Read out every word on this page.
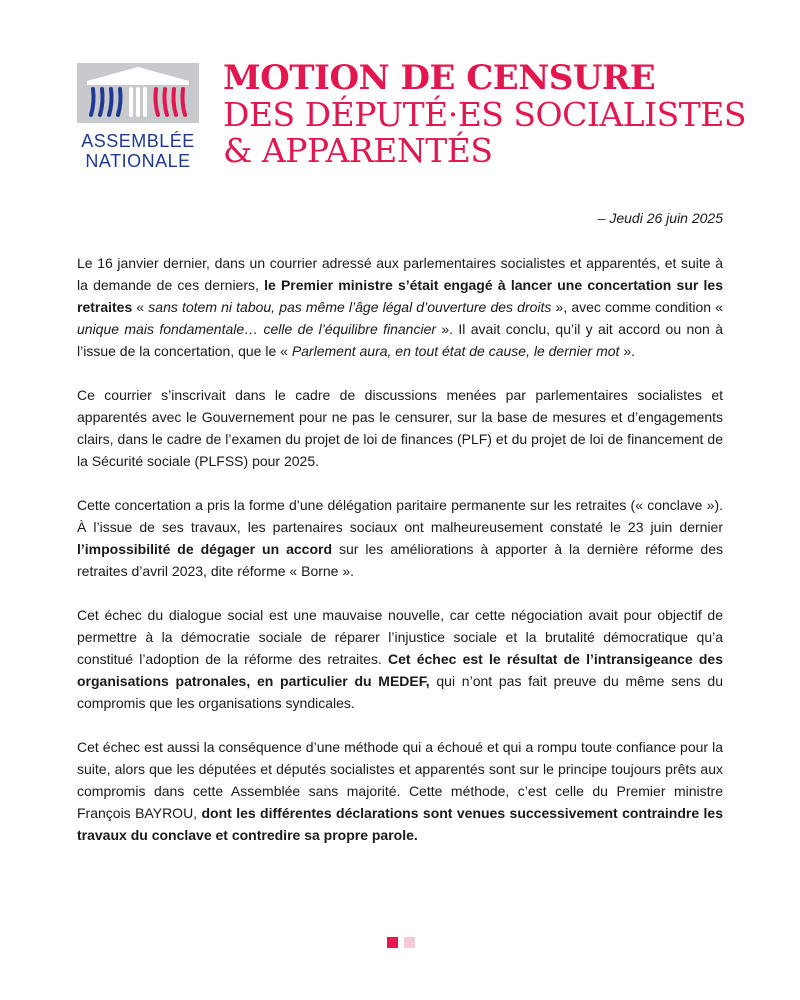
ASSEMBLÉE
NATIONALE
MOTION DE CENSURE
DES DÉPUTÉ·ES SOCIALISTES
& APPARENTÉS
– Jeudi 26 juin 2025

Le 16 janvier dernier, dans un courrier adressé aux parlementaires socialistes et apparentés, et suite à la demande de ces derniers, le Premier ministre s’était engagé à lancer une concertation sur les retraites « sans totem ni tabou, pas même l’âge légal d’ouverture des droits », avec comme condition « unique mais fondamentale… celle de l’équilibre financier ». Il avait conclu, qu’il y ait accord ou non à l’issue de la concertation, que le « Parlement aura, en tout état de cause, le dernier mot ».

Ce courrier s’inscrivait dans le cadre de discussions menées par parlementaires socialistes et apparentés avec le Gouvernement pour ne pas le censurer, sur la base de mesures et d’engagements clairs, dans le cadre de l’examen du projet de loi de finances (PLF) et du projet de loi de financement de la Sécurité sociale (PLFSS) pour 2025.

Cette concertation a pris la forme d’une délégation paritaire permanente sur les retraites (« conclave »). À l’issue de ses travaux, les partenaires sociaux ont malheureusement constaté le 23 juin dernier l’impossibilité de dégager un accord sur les améliorations à apporter à la dernière réforme des retraites d’avril 2023, dite réforme « Borne ».

Cet échec du dialogue social est une mauvaise nouvelle, car cette négociation avait pour objectif de permettre à la démocratie sociale de réparer l’injustice sociale et la brutalité démocratique qu’a constitué l’adoption de la réforme des retraites. Cet échec est le résultat de l’intransigeance des organisations patronales, en particulier du MEDEF, qui n’ont pas fait preuve du même sens du compromis que les organisations syndicales.

Cet échec est aussi la conséquence d’une méthode qui a échoué et qui a rompu toute confiance pour la suite, alors que les députées et députés socialistes et apparentés sont sur le principe toujours prêts aux compromis dans cette Assemblée sans majorité. Cette méthode, c’est celle du Premier ministre François BAYROU, dont les différentes déclarations sont venues successivement contraindre les travaux du conclave et contredire sa propre parole.
